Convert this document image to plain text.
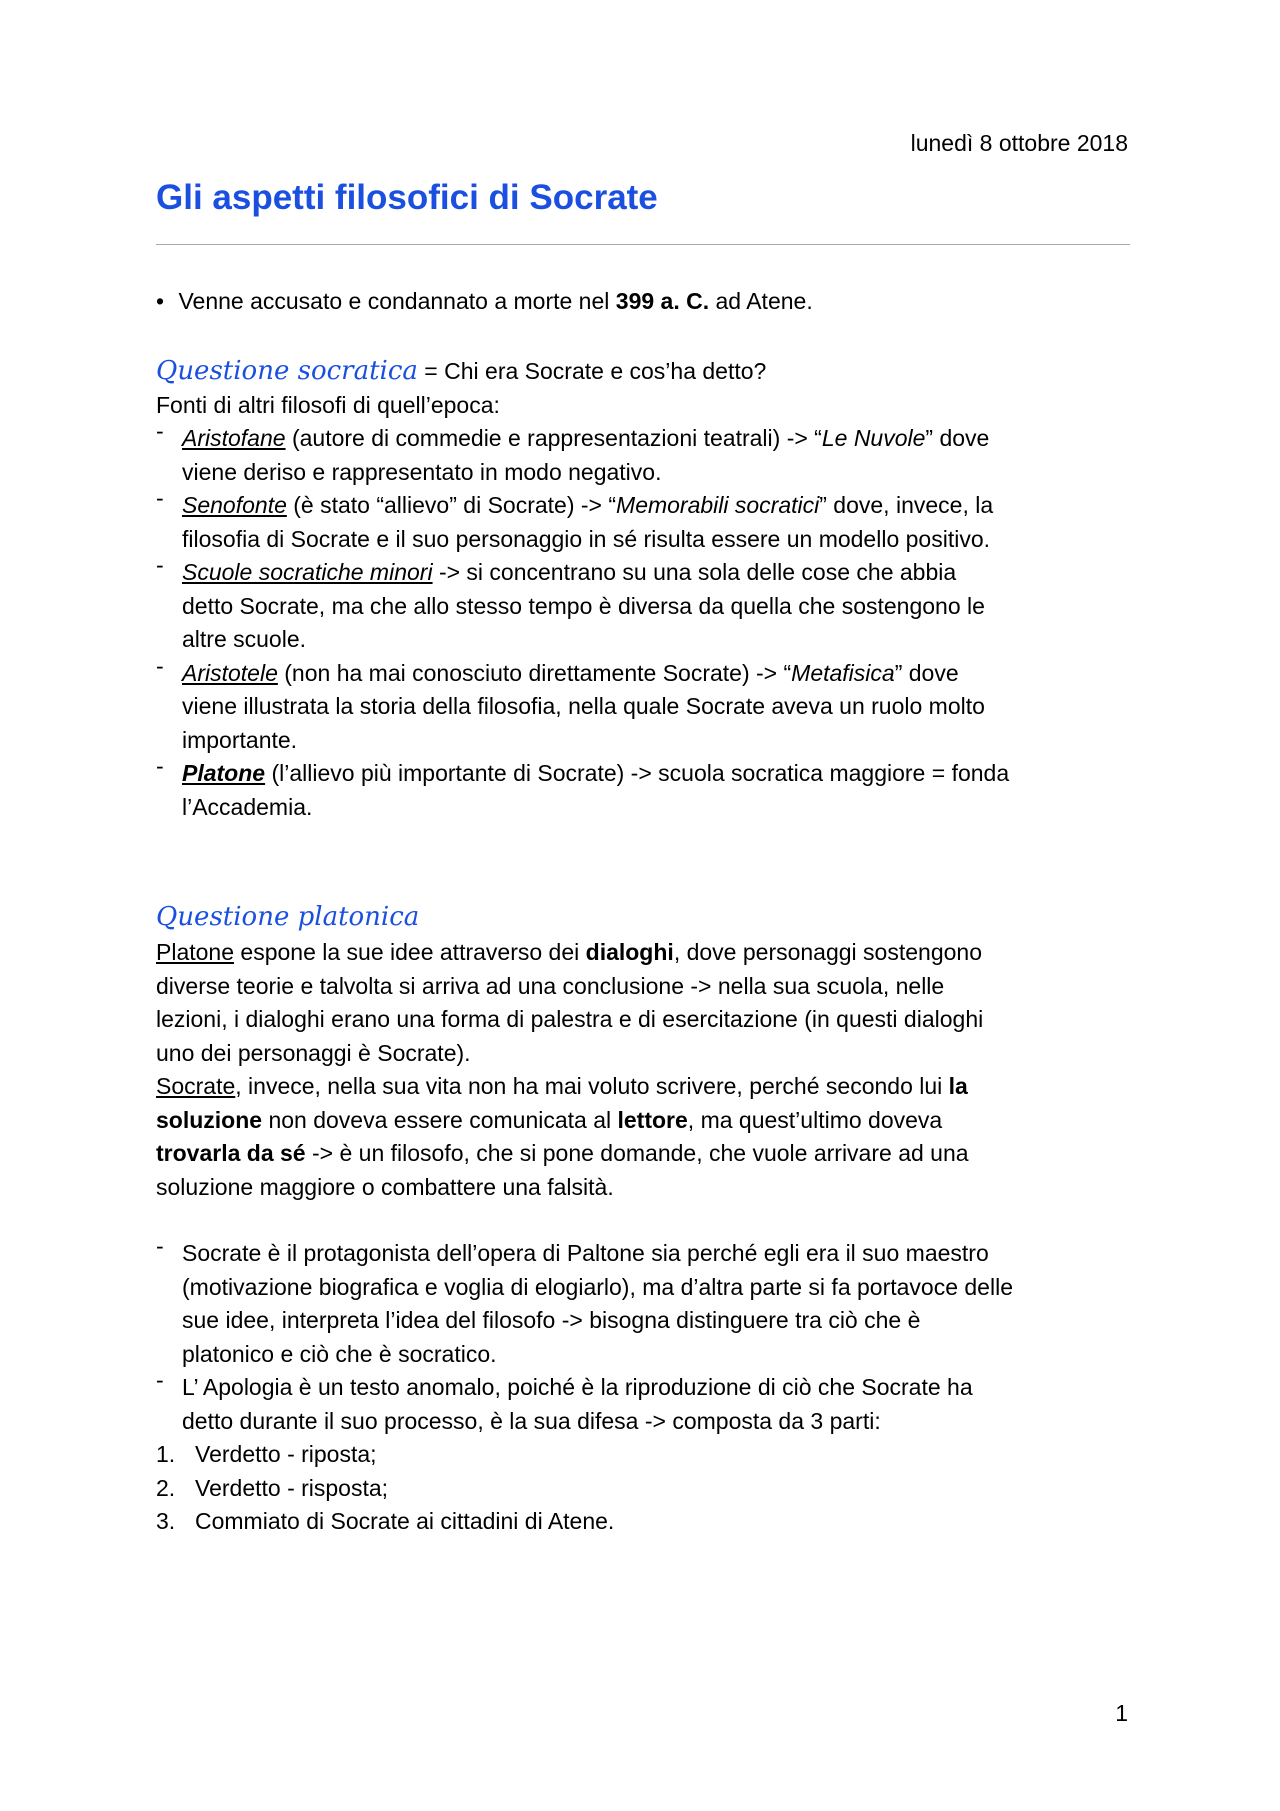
lunedì 8 ottobre 2018
Gli aspetti filosofici di Socrate
• Venne accusato e condannato a morte nel 399 a. C. ad Atene.
Questione socratica = Chi era Socrate e cos’ha detto?
Fonti di altri filosofi di quell’epoca:
- Aristofane (autore di commedie e rappresentazioni teatrali) -> “Le Nuvole” dove
viene deriso e rappresentato in modo negativo.
- Senofonte (è stato “allievo” di Socrate) -> “Memorabili socratici” dove, invece, la
filosofia di Socrate e il suo personaggio in sé risulta essere un modello positivo.
- Scuole socratiche minori -> si concentrano su una sola delle cose che abbia
detto Socrate, ma che allo stesso tempo è diversa da quella che sostengono le
altre scuole.
- Aristotele (non ha mai conosciuto direttamente Socrate) -> “Metafisica” dove
viene illustrata la storia della filosofia, nella quale Socrate aveva un ruolo molto
importante.
- Platone (l’allievo più importante di Socrate) -> scuola socratica maggiore = fonda
l’Accademia.
Questione platonica
Platone espone la sue idee attraverso dei dialoghi, dove personaggi sostengono
diverse teorie e talvolta si arriva ad una conclusione -> nella sua scuola, nelle
lezioni, i dialoghi erano una forma di palestra e di esercitazione (in questi dialoghi
uno dei personaggi è Socrate).
Socrate, invece, nella sua vita non ha mai voluto scrivere, perché secondo lui la
soluzione non doveva essere comunicata al lettore, ma quest’ultimo doveva
trovarla da sé -> è un filosofo, che si pone domande, che vuole arrivare ad una
soluzione maggiore o combattere una falsità.
- Socrate è il protagonista dell’opera di Paltone sia perché egli era il suo maestro
(motivazione biografica e voglia di elogiarlo), ma d’altra parte si fa portavoce delle
sue idee, interpreta l’idea del filosofo -> bisogna distinguere tra ciò che è
platonico e ciò che è socratico.
- L’ Apologia è un testo anomalo, poiché è la riproduzione di ciò che Socrate ha
detto durante il suo processo, è la sua difesa -> composta da 3 parti:
1. Verdetto - riposta;
2. Verdetto - risposta;
3. Commiato di Socrate ai cittadini di Atene.
1
